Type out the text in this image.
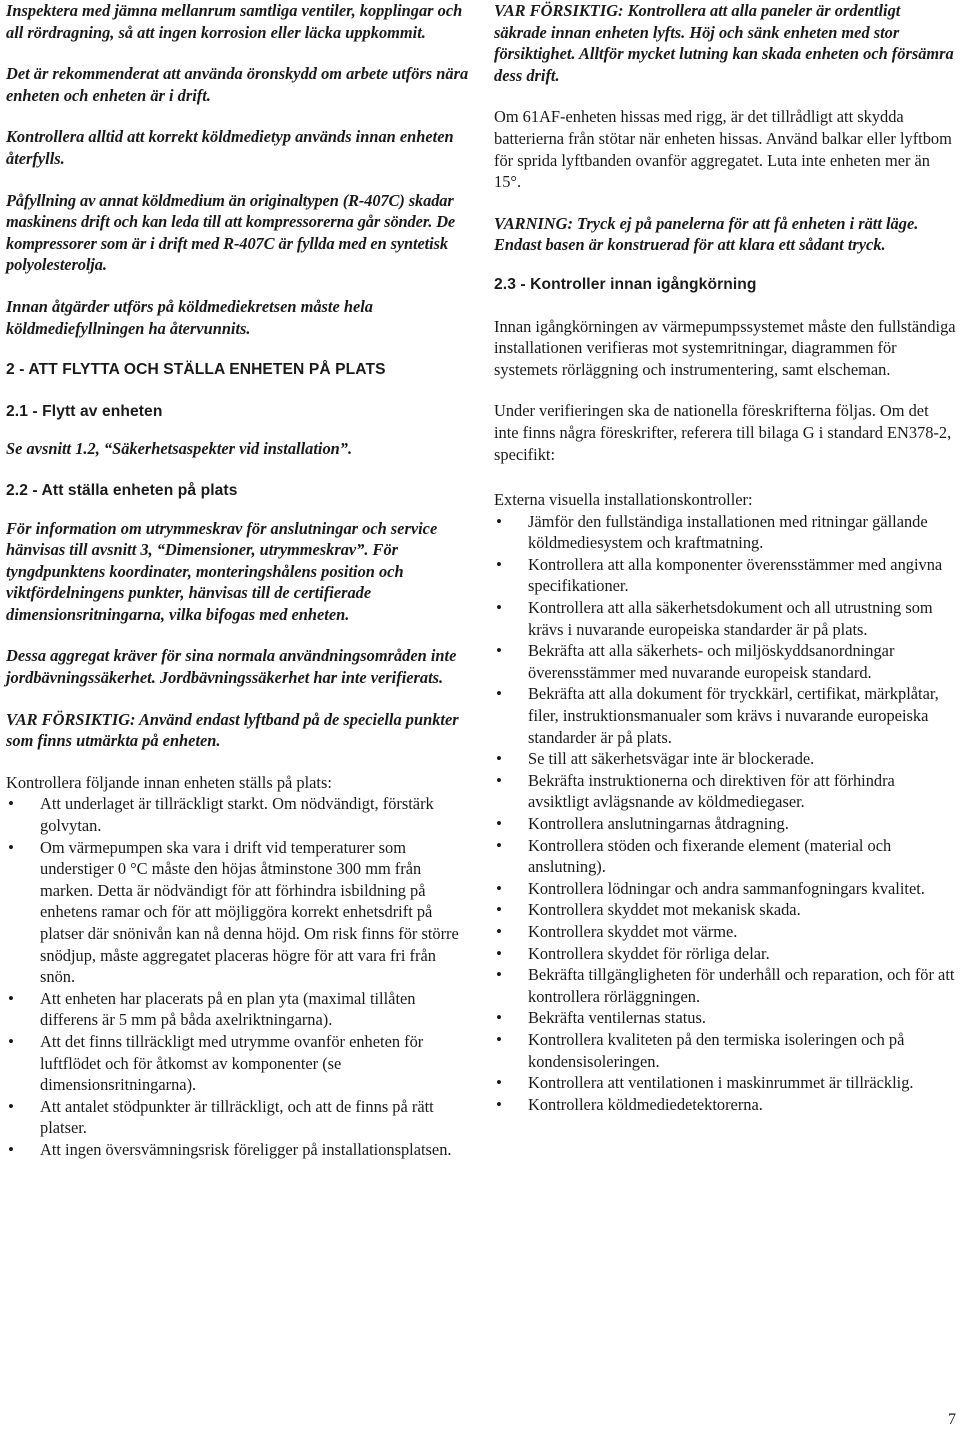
Inspektera med jämna mellanrum samtliga ventiler, kopplingar och all rördragning, så att ingen korrosion eller läcka uppkommit.

Det är rekommenderat att använda öronskydd om arbete utförs nära enheten och enheten är i drift.

Kontrollera alltid att korrekt köldmedietyp används innan enheten återfylls.

Påfyllning av annat köldmedium än originaltypen (R-407C) skadar maskinens drift och kan leda till att kompressorerna går sönder. De kompressorer som är i drift med R-407C är fyllda med en syntetisk polyolesterolja.

Innan åtgärder utförs på köldmediekretsen måste hela köldmediefyllningen ha återvunnits.

2 - ATT FLYTTA OCH STÄLLA ENHETEN PÅ PLATS
2.1 - Flytt av enheten

Se avsnitt 1.2, “Säkerhetsaspekter vid installation”.

2.2 - Att ställa enheten på plats

För information om utrymmeskrav för anslutningar och service hänvisas till avsnitt 3, “Dimensioner, utrymmeskrav”. För tyngdpunktens koordinater, monteringshålens position och viktfördelningens punkter, hänvisas till de certifierade dimensionsritningarna, vilka bifogas med enheten.

Dessa aggregat kräver för sina normala användningsområden inte jordbävningssäkerhet. Jordbävningssäkerhet har inte verifierats.

VAR FÖRSIKTIG: Använd endast lyftband på de speciella punkter som finns utmärkta på enheten.

Kontrollera följande innan enheten ställs på plats:

• Att underlaget är tillräckligt starkt. Om nödvändigt, förstärk golvytan.
• Om värmepumpen ska vara i drift vid temperaturer som understiger 0 °C måste den höjas åtminstone 300 mm från marken. Detta är nödvändigt för att förhindra isbildning på enhetens ramar och för att möjliggöra korrekt enhetsdrift på platser där snönivån kan nå denna höjd. Om risk finns för större snödjup, måste aggregatet placeras högre för att vara fri från snön.
• Att enheten har placerats på en plan yta (maximal tillåten differens är 5 mm på båda axelriktningarna).
• Att det finns tillräckligt med utrymme ovanför enheten för luftflödet och för åtkomst av komponenter (se dimensionsritningarna).
• Att antalet stödpunkter är tillräckligt, och att de finns på rätt platser.
• Att ingen översvämningsrisk föreligger på installationsplatsen.

VAR FÖRSIKTIG: Kontrollera att alla paneler är ordentligt säkrade innan enheten lyfts. Höj och sänk enheten med stor försiktighet. Alltför mycket lutning kan skada enheten och försämra dess drift.

Om 61AF-enheten hissas med rigg, är det tillrådligt att skydda batterierna från stötar när enheten hissas. Använd balkar eller lyftbom för sprida lyftbanden ovanför aggregatet. Luta inte enheten mer än 15°.

VARNING: Tryck ej på panelerna för att få enheten i rätt läge. Endast basen är konstruerad för att klara ett sådant tryck.

2.3 - Kontroller innan igångkörning

Innan igångkörningen av värmepumpssystemet måste den fullständiga installationen verifieras mot systemritningar, diagrammen för systemets rörläggning och instrumentering, samt elscheman.

Under verifieringen ska de nationella föreskrifterna följas. Om det inte finns några föreskrifter, referera till bilaga G i standard EN378-2, specifikt:

Externa visuella installationskontroller:

• Jämför den fullständiga installationen med ritningar gällande köldmediesystem och kraftmatning.
• Kontrollera att alla komponenter överensstämmer med angivna specifikationer.
• Kontrollera att alla säkerhetsdokument och all utrustning som krävs i nuvarande europeiska standarder är på plats.
• Bekräfta att alla säkerhets- och miljöskyddsanordningar överensstämmer med nuvarande europeisk standard.
• Bekräfta att alla dokument för tryckkärl, certifikat, märkplåtar, filer, instruktionsmanualer som krävs i nuvarande europeiska standarder är på plats.
• Se till att säkerhetsvägar inte är blockerade.
• Bekräfta instruktionerna och direktiven för att förhindra avsiktligt avlägsnande av köldmediegaser.
• Kontrollera anslutningarnas åtdragning.
• Kontrollera stöden och fixerande element (material och anslutning).
• Kontrollera lödningar och andra sammanfogningars kvalitet.
• Kontrollera skyddet mot mekanisk skada.
• Kontrollera skyddet mot värme.
• Kontrollera skyddet för rörliga delar.
• Bekräfta tillgängligheten för underhåll och reparation, och för att kontrollera rörläggningen.
• Bekräfta ventilernas status.
• Kontrollera kvaliteten på den termiska isoleringen och på kondensisoleringen.
• Kontrollera att ventilationen i maskinrummet är tillräcklig.
• Kontrollera köldmediedetektorerna.
7
